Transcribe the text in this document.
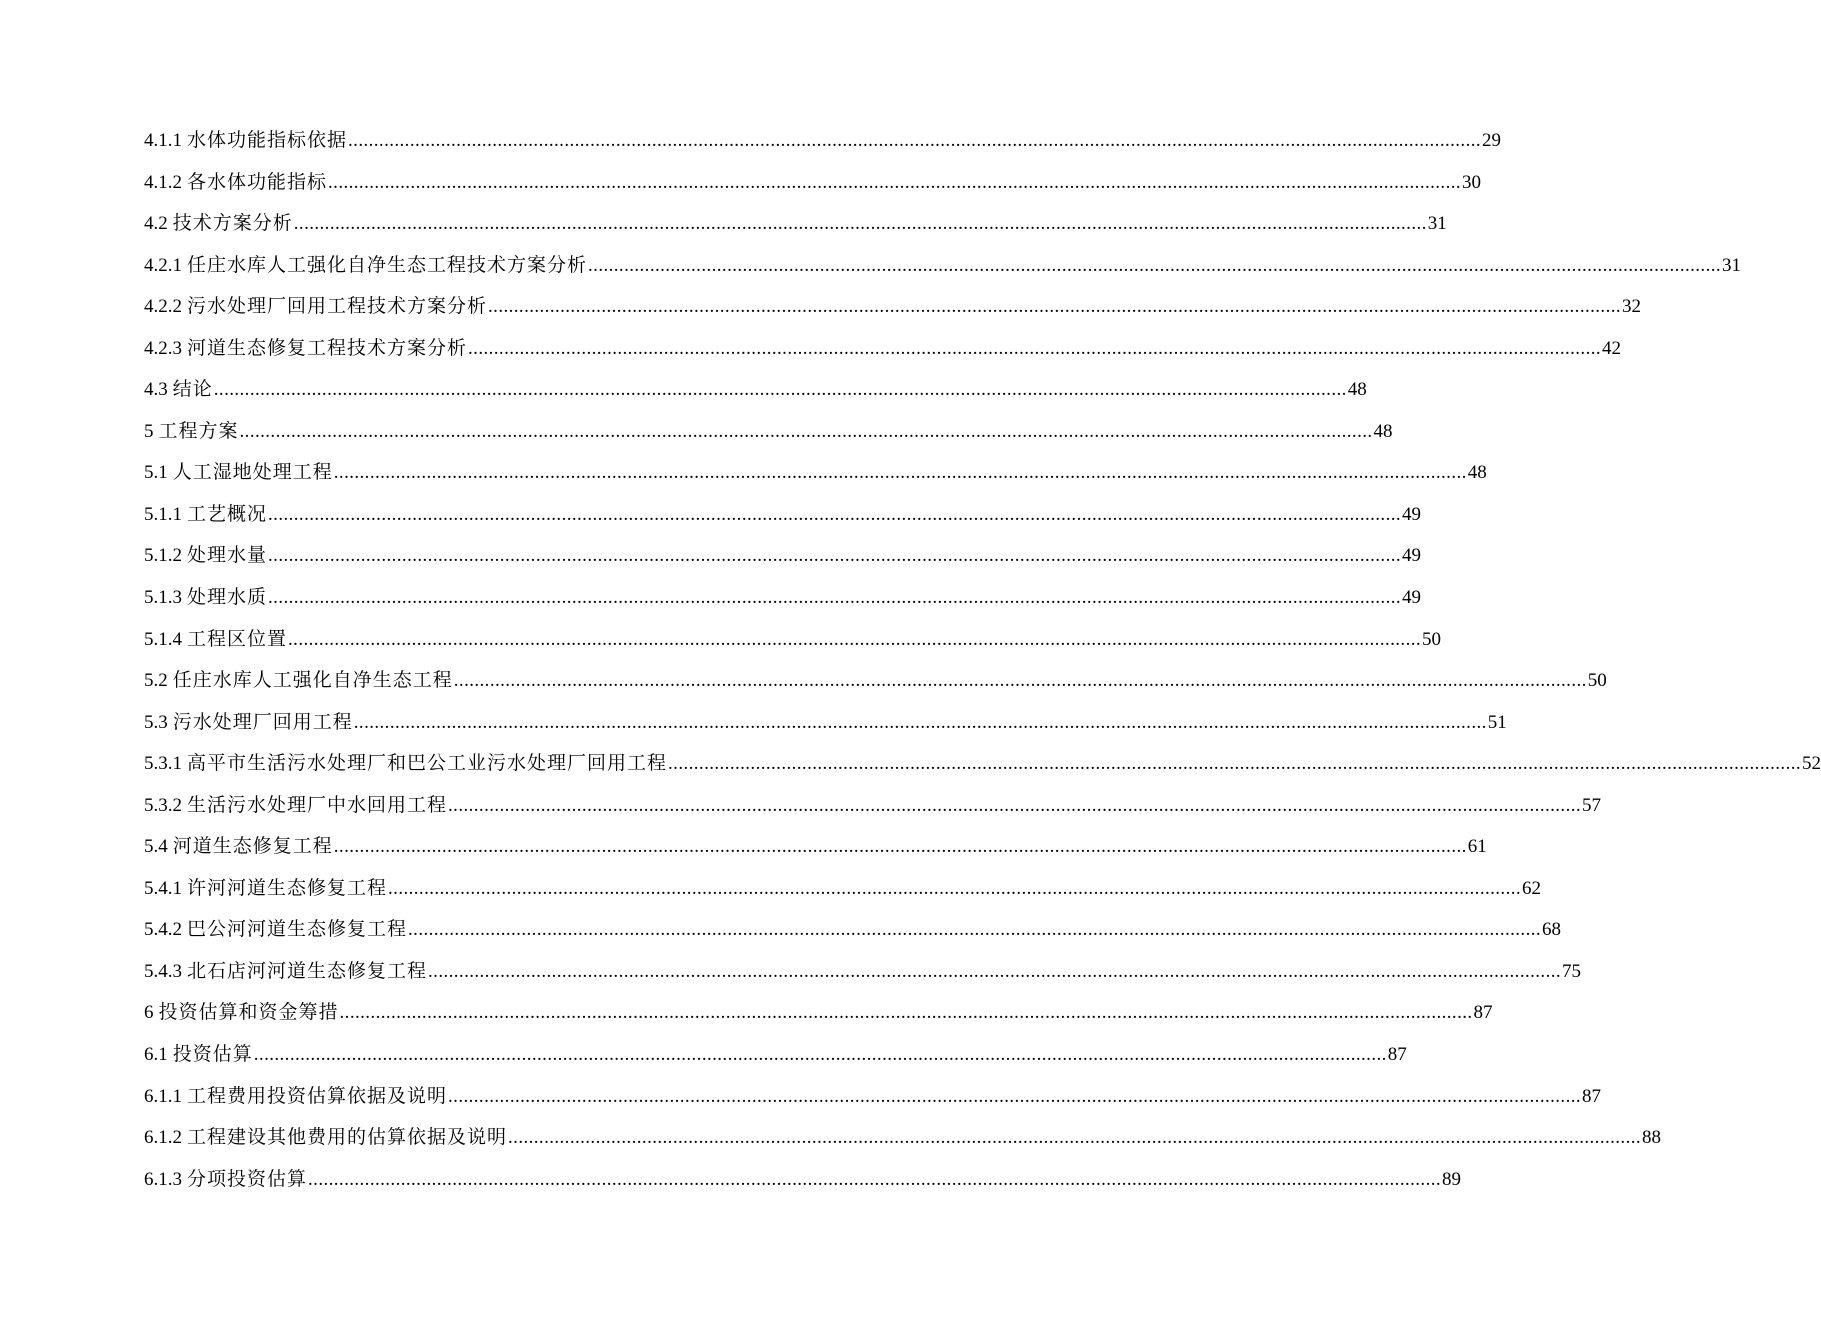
4.1.1 水体功能指标依据 ............................................................................................................................................................................................................................ 29
4.1.2 各水体功能指标 ............................................................................................................................................................................................................................ 30
4.2 技术方案分析 ............................................................................................................................................................................................................................ 31
4.2.1 任庄水库人工强化自净生态工程技术方案分析 ............................................................................................................................................................................................................................ 31
4.2.2 污水处理厂回用工程技术方案分析 ............................................................................................................................................................................................................................ 32
4.2.3 河道生态修复工程技术方案分析 ............................................................................................................................................................................................................................ 42
4.3 结论 ............................................................................................................................................................................................................................ 48
5 工程方案 ............................................................................................................................................................................................................................ 48
5.1 人工湿地处理工程 ............................................................................................................................................................................................................................ 48
5.1.1 工艺概况 ............................................................................................................................................................................................................................ 49
5.1.2 处理水量 ............................................................................................................................................................................................................................ 49
5.1.3 处理水质 ............................................................................................................................................................................................................................ 49
5.1.4 工程区位置 ............................................................................................................................................................................................................................ 50
5.2 任庄水库人工强化自净生态工程 ............................................................................................................................................................................................................................ 50
5.3 污水处理厂回用工程 ............................................................................................................................................................................................................................ 51
5.3.1 高平市生活污水处理厂和巴公工业污水处理厂回用工程 ............................................................................................................................................................................................................................ 52
5.3.2 生活污水处理厂中水回用工程 ............................................................................................................................................................................................................................ 57
5.4 河道生态修复工程 ............................................................................................................................................................................................................................ 61
5.4.1 许河河道生态修复工程 ............................................................................................................................................................................................................................ 62
5.4.2 巴公河河道生态修复工程 ............................................................................................................................................................................................................................ 68
5.4.3 北石店河河道生态修复工程 ............................................................................................................................................................................................................................ 75
6 投资估算和资金筹措 ............................................................................................................................................................................................................................ 87
6.1 投资估算 ............................................................................................................................................................................................................................ 87
6.1.1 工程费用投资估算依据及说明 ............................................................................................................................................................................................................................ 87
6.1.2 工程建设其他费用的估算依据及说明 ............................................................................................................................................................................................................................ 88
6.1.3 分项投资估算 ............................................................................................................................................................................................................................ 89
